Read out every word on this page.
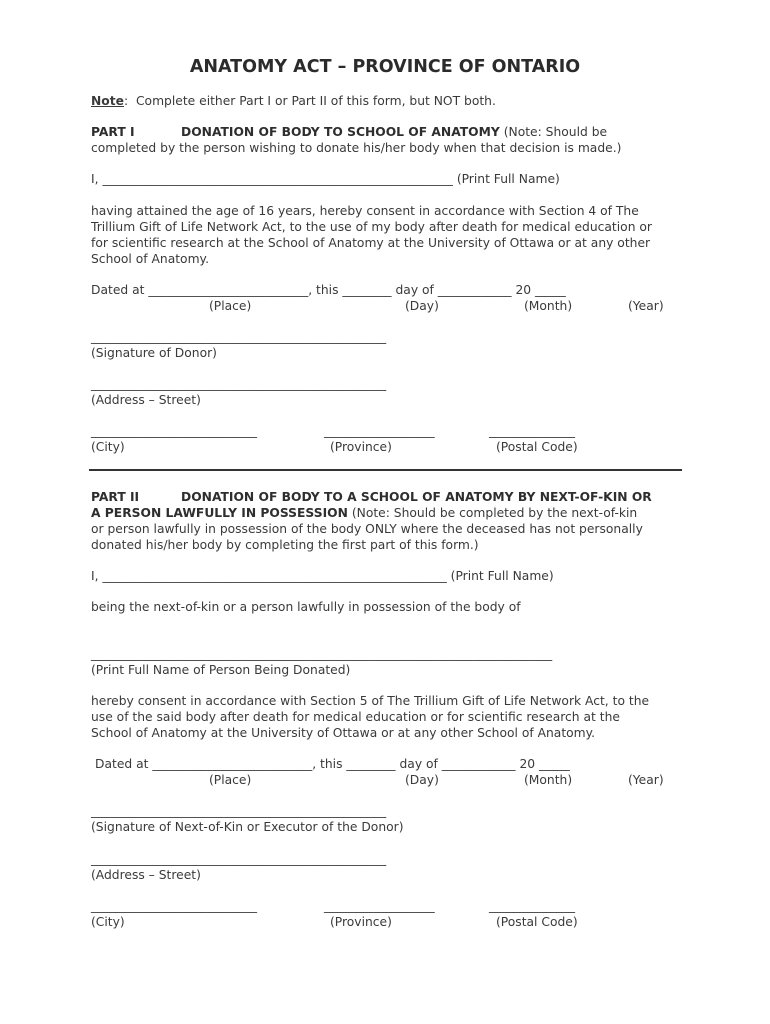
ANATOMY ACT – PROVINCE OF ONTARIO
Note: Complete either Part I or Part II of this form, but NOT both.
PART I	DONATION OF BODY TO SCHOOL OF ANATOMY (Note: Should be
completed by the person wishing to donate his/her body when that decision is made.)
I, _________________________________________________________ (Print Full Name)
having attained the age of 16 years, hereby consent in accordance with Section 4 of The
Trillium Gift of Life Network Act, to the use of my body after death for medical education or
for scientific research at the School of Anatomy at the University of Ottawa or at any other
School of Anatomy.
Dated at __________________________, this ________ day of ____________ 20 _____
(Place)	(Day)	(Month)	(Year)
________________________________________________
(Signature of Donor)
________________________________________________
(Address – Street)
___________________________	__________________	______________
(City)	(Province)	(Postal Code)
PART II	DONATION OF BODY TO A SCHOOL OF ANATOMY BY NEXT-OF-KIN OR
A PERSON LAWFULLY IN POSSESSION (Note: Should be completed by the next-of-kin
or person lawfully in possession of the body ONLY where the deceased has not personally
donated his/her body by completing the first part of this form.)
I, ________________________________________________________ (Print Full Name)
being the next-of-kin or a person lawfully in possession of the body of
___________________________________________________________________________
(Print Full Name of Person Being Donated)
hereby consent in accordance with Section 5 of The Trillium Gift of Life Network Act, to the
use of the said body after death for medical education or for scientific research at the
School of Anatomy at the University of Ottawa or at any other School of Anatomy.
Dated at __________________________, this ________ day of ____________ 20 _____
(Place)	(Day)	(Month)	(Year)
________________________________________________
(Signature of Next-of-Kin or Executor of the Donor)
________________________________________________
(Address – Street)
___________________________	__________________	______________
(City)	(Province)	(Postal Code)
